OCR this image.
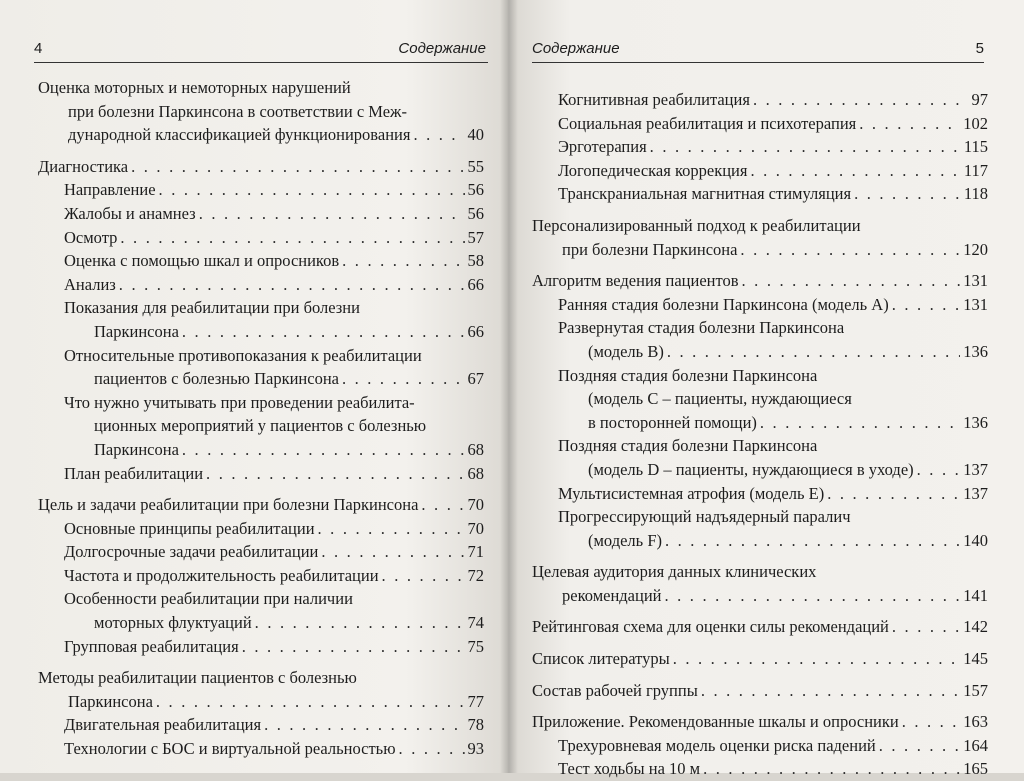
4	Содержание
Оценка моторных и немоторных нарушений
при болезни Паркинсона в соответствии с Меж-
дународной классификацией функционирования . . .	40
Диагностика . . .	55
Направление . . .	56
Жалобы и анамнез . . .	56
Осмотр . . .	57
Оценка с помощью шкал и опросников . . .	58
Анализ . . .	66
Показания для реабилитации при болезни
Паркинсона . . .	66
Относительные противопоказания к реабилитации
пациентов с болезнью Паркинсона . . .	67
Что нужно учитывать при проведении реабилита-
ционных мероприятий у пациентов с болезнью
Паркинсона . . .	68
План реабилитации . . .	68
Цель и задачи реабилитации при болезни Паркинсона . . .	70
Основные принципы реабилитации . . .	70
Долгосрочные задачи реабилитации . . .	71
Частота и продолжительность реабилитации . . .	72
Особенности реабилитации при наличии
моторных флуктуаций . . .	74
Групповая реабилитация . . .	75
Методы реабилитации пациентов с болезнью
Паркинсона . . .	77
Двигательная реабилитация . . .	78
Технологии с БОС и виртуальной реальностью . . .	93
Содержание	5
Когнитивная реабилитация . . .	97
Социальная реабилитация и психотерапия . . .	102
Эрготерапия . . .	115
Логопедическая коррекция . . .	117
Транскраниальная магнитная стимуляция . . .	118
Персонализированный подход к реабилитации
при болезни Паркинсона . . .	120
Алгоритм ведения пациентов . . .	131
Ранняя стадия болезни Паркинсона (модель А) . . .	131
Развернутая стадия болезни Паркинсона
(модель В) . . .	136
Поздняя стадия болезни Паркинсона
(модель С – пациенты, нуждающиеся
в посторонней помощи) . . .	136
Поздняя стадия болезни Паркинсона
(модель D – пациенты, нуждающиеся в уходе) . . .	137
Мультисистемная атрофия (модель Е) . . .	137
Прогрессирующий надъядерный паралич
(модель F) . . .	140
Целевая аудитория данных клинических
рекомендаций . . .	141
Рейтинговая схема для оценки силы рекомендаций . . .	142
Список литературы . . .	145
Состав рабочей группы . . .	157
Приложение. Рекомендованные шкалы и опросники . . .	163
Трехуровневая модель оценки риска падений . . .	164
Тест ходьбы на 10 м . . .	165
